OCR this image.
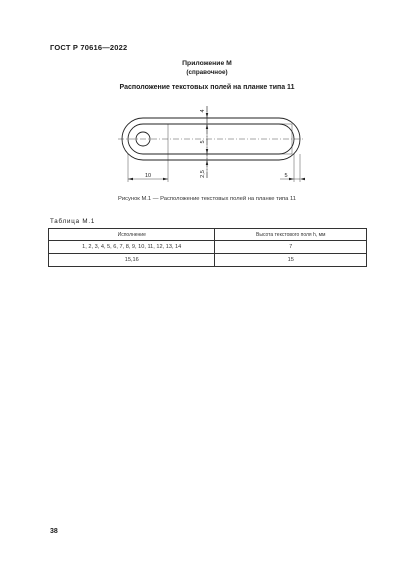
ГОСТ Р 70616—2022
Приложение М
(справочное)
Расположение текстовых полей на планке типа 11
4
5
2,5
10	5
Рисунок М.1 — Расположение текстовых полей на планке типа 11
Таблица М.1
Исполнение	Высота текстового поля h, мм
1, 2, 3, 4, 5, 6, 7, 8, 9, 10, 11, 12, 13, 14	7
15,16	15
38
